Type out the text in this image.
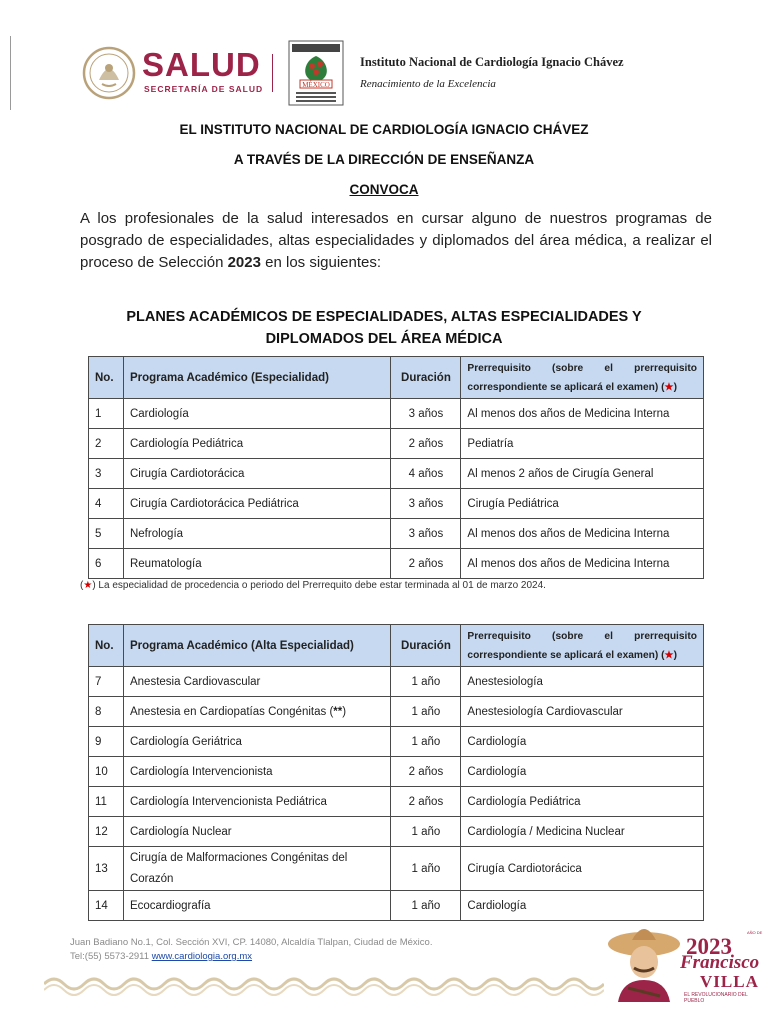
SALUD
SECRETARÍA DE SALUD	MÉXICO
Instituto Nacional de Cardiología Ignacio Chávez
Renacimiento de la Excelencia
EL INSTITUTO NACIONAL DE CARDIOLOGÍA IGNACIO CHÁVEZ
A TRAVÉS DE LA DIRECCIÓN DE ENSEÑANZA
CONVOCA
A los profesionales de la salud interesados en cursar alguno de nuestros programas de posgrado de especialidades, altas especialidades y diplomados del área médica, a realizar el proceso de Selección 2023 en los siguientes:
PLANES ACADÉMICOS DE ESPECIALIDADES, ALTAS ESPECIALIDADES Y DIPLOMADOS DEL ÁREA MÉDICA
No.	Programa Académico (Especialidad)	Duración	Prerrequisito (sobre el prerrequisito correspondiente se aplicará el examen) (★)
1	Cardiología	3 años	Al menos dos años de Medicina Interna
2	Cardiología Pediátrica	2 años	Pediatría
3	Cirugía Cardiotorácica	4 años	Al menos 2 años de Cirugía General
4	Cirugía Cardiotorácica Pediátrica	3 años	Cirugía Pediátrica
5	Nefrología	3 años	Al menos dos años de Medicina Interna
6	Reumatología	2 años	Al menos dos años de Medicina Interna
(★) La especialidad de procedencia o periodo del Prerrequito debe estar terminada al 01 de marzo 2024.
No.	Programa Académico (Alta Especialidad)	Duración	Prerrequisito (sobre el prerrequisito correspondiente se aplicará el examen) (★)
7	Anestesia Cardiovascular	1 año	Anestesiología
8	Anestesia en Cardiopatías Congénitas (**)	1 año	Anestesiología Cardiovascular
9	Cardiología Geriátrica	1 año	Cardiología
10	Cardiología Intervencionista	2 años	Cardiología
11	Cardiología Intervencionista Pediátrica	2 años	Cardiología Pediátrica
12	Cardiología Nuclear	1 año	Cardiología / Medicina Nuclear
13	Cirugía de Malformaciones Congénitas del Corazón	1 año	Cirugía Cardiotorácica
14	Ecocardiografía	1 año	Cardiología
Juan Badiano No.1, Col. Sección XVI, CP. 14080, Alcaldía Tlalpan, Ciudad de México.
Tel:(55) 5573-2911 www.cardiologia.org.mx	2023
Francisco
VILLA
EL REVOLUCIONARIO DEL PUEBLO
AÑO DE
